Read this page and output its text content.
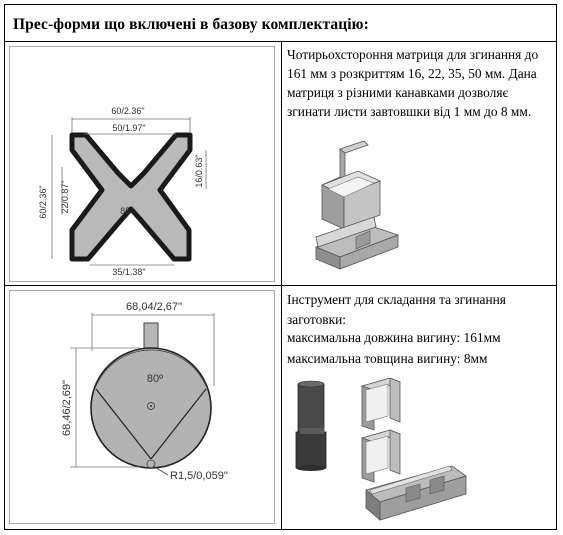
Прес-форми що включені в базову комплектацію:
60/2.36"
50/1.97"
60/2.36" 22/0.87"
16/0.63"
35/1.38"
85°
Чотирьохстороння матриця для згинання до 161 мм з розкриттям 16, 22, 35, 50 мм. Дана матриця з різними канавками дозволяє згинати листи завтовшки від 1 мм до 8 мм.
68,04/2,67"
80º
68,46/2,69"
R1,5/0,059"
Інструмент для складання та згинання
заготовки:
максимальна довжина вигину: 161мм
максимальна товщина вигину: 8мм
